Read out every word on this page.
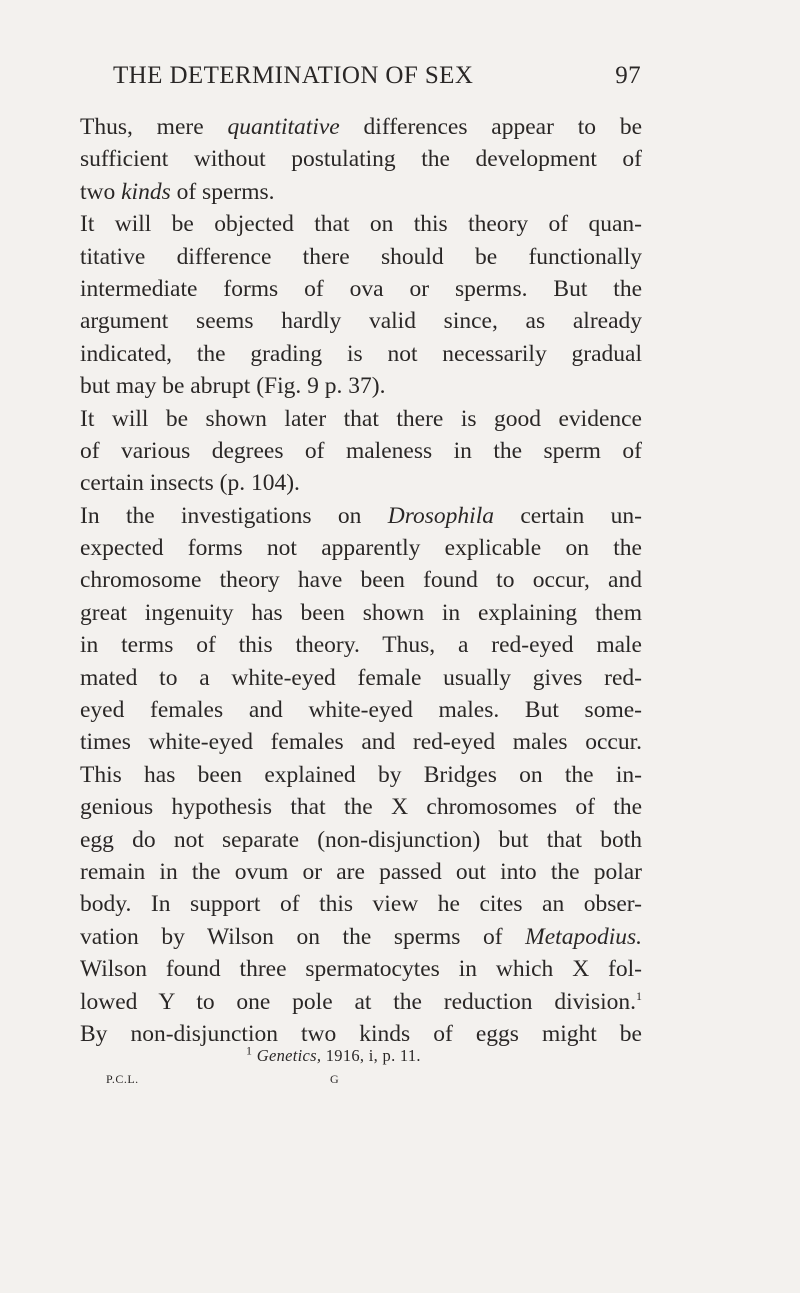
THE DETERMINATION OF SEX	97
Thus, mere quantitative differences appear to be
sufficient without postulating the development of
two kinds of sperms.
It will be objected that on this theory of quan-
titative difference there should be functionally
intermediate forms of ova or sperms. But the
argument seems hardly valid since, as already
indicated, the grading is not necessarily gradual
but may be abrupt (Fig. 9 p. 37).
It will be shown later that there is good evidence
of various degrees of maleness in the sperm of
certain insects (p. 104).
In the investigations on Drosophila certain un-
expected forms not apparently explicable on the
chromosome theory have been found to occur, and
great ingenuity has been shown in explaining them
in terms of this theory. Thus, a red-eyed male
mated to a white-eyed female usually gives red-
eyed females and white-eyed males. But some-
times white-eyed females and red-eyed males occur.
This has been explained by Bridges on the in-
genious hypothesis that the X chromosomes of the
egg do not separate (non-disjunction) but that both
remain in the ovum or are passed out into the polar
body. In support of this view he cites an obser-
vation by Wilson on the sperms of Metapodius.
Wilson found three spermatocytes in which X fol-
lowed Y to one pole at the reduction division.$^1$
By non-disjunction two kinds of eggs might be
$^1$ Genetics, 1916, i, p. 11.
P.C.L.	G
